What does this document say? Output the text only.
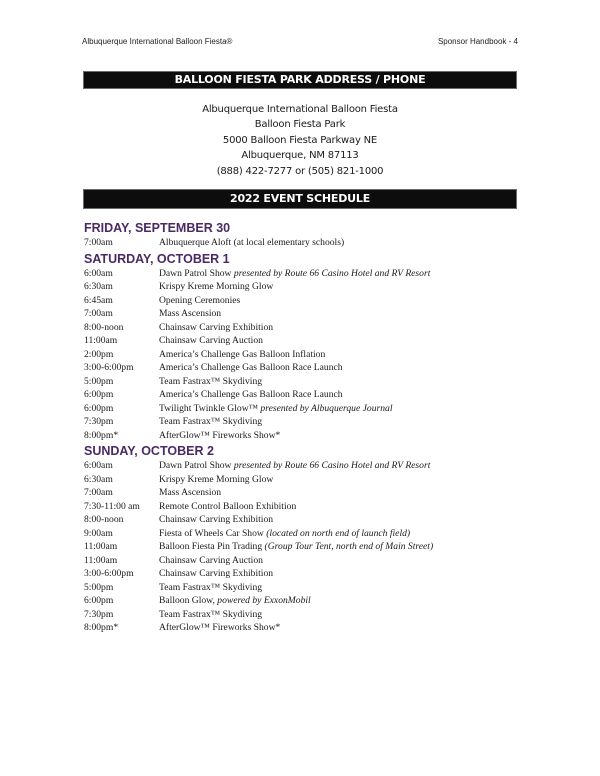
Albuquerque International Balloon Fiesta®	Sponsor Handbook - 4
BALLOON FIESTA PARK ADDRESS / PHONE
Albuquerque International Balloon Fiesta
Balloon Fiesta Park
5000 Balloon Fiesta Parkway NE
Albuquerque, NM 87113
(888) 422-7277 or (505) 821-1000
2022 EVENT SCHEDULE
FRIDAY, SEPTEMBER 30
7:00am	Albuquerque Aloft (at local elementary schools)
SATURDAY, OCTOBER 1
6:00am	Dawn Patrol Show presented by Route 66 Casino Hotel and RV Resort
6:30am	Krispy Kreme Morning Glow
6:45am	Opening Ceremonies
7:00am	Mass Ascension
8:00-noon	Chainsaw Carving Exhibition
11:00am	Chainsaw Carving Auction
2:00pm	America’s Challenge Gas Balloon Inflation
3:00-6:00pm	America’s Challenge Gas Balloon Race Launch
5:00pm	Team Fastrax™ Skydiving
6:00pm	America’s Challenge Gas Balloon Race Launch
6:00pm	Twilight Twinkle Glow™ presented by Albuquerque Journal
7:30pm	Team Fastrax™ Skydiving
8:00pm*	AfterGlow™ Fireworks Show*
SUNDAY, OCTOBER 2
6:00am	Dawn Patrol Show presented by Route 66 Casino Hotel and RV Resort
6:30am	Krispy Kreme Morning Glow
7:00am	Mass Ascension
7:30-11:00 am	Remote Control Balloon Exhibition
8:00-noon	Chainsaw Carving Exhibition
9:00am	Fiesta of Wheels Car Show (located on north end of launch field)
11:00am	Balloon Fiesta Pin Trading (Group Tour Tent, north end of Main Street)
11:00am	Chainsaw Carving Auction
3:00-6:00pm	Chainsaw Carving Exhibition
5:00pm	Team Fastrax™ Skydiving
6:00pm	Balloon Glow, powered by ExxonMobil
7:30pm	Team Fastrax™ Skydiving
8:00pm*	AfterGlow™ Fireworks Show*
